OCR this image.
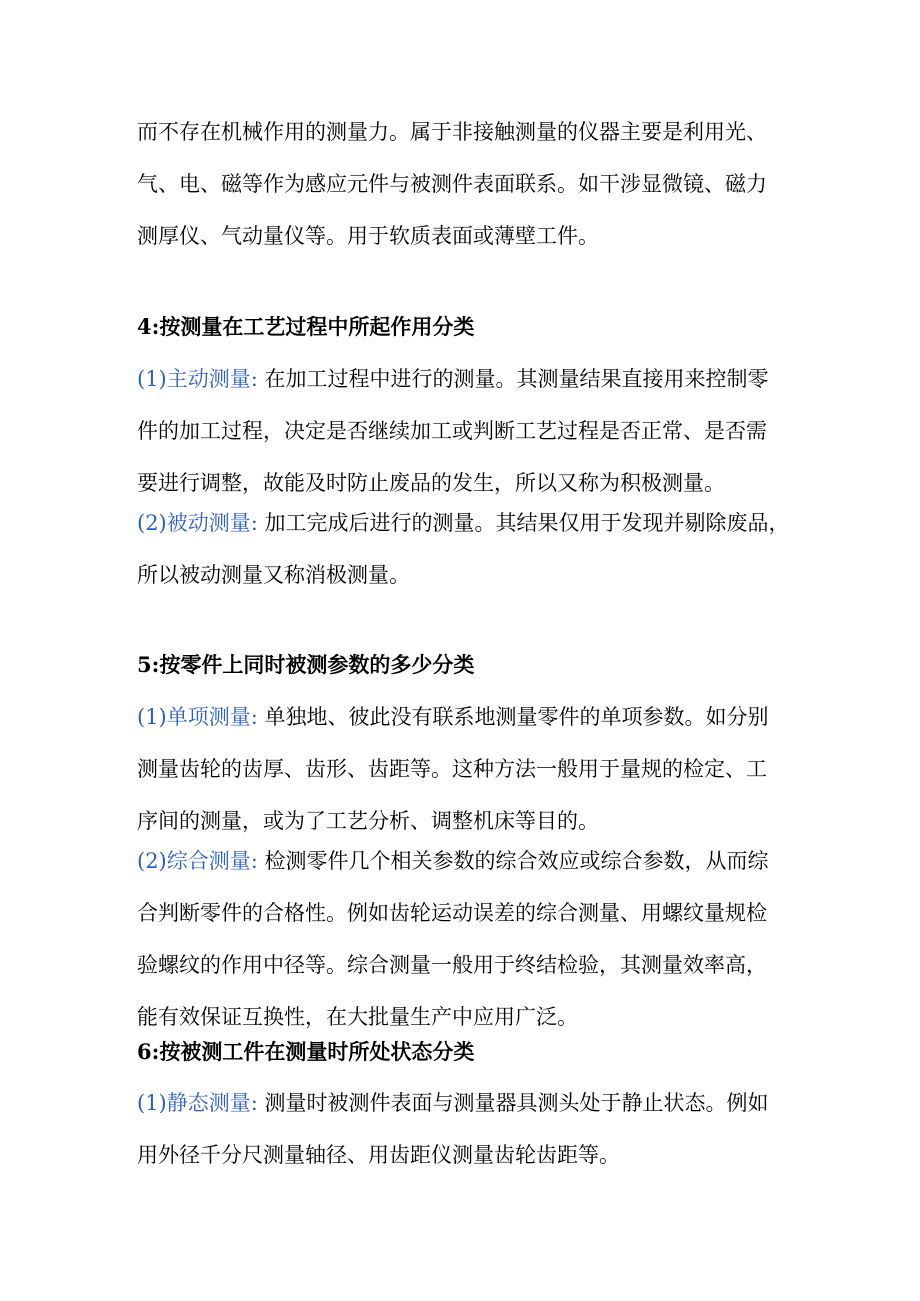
而不存在机械作用的测量力。属于非接触测量的仪器主要是利用光、
气、电、磁等作为感应元件与被测件表面联系。如干涉显微镜、磁力
测厚仪、气动量仪等。用于软质表面或薄壁工件。
4:按测量在工艺过程中所起作用分类
(1)主动测量: 在加工过程中进行的测量。其测量结果直接用来控制零
件的加工过程，决定是否继续加工或判断工艺过程是否正常、是否需
要进行调整，故能及时防止废品的发生，所以又称为积极测量。
(2)被动测量: 加工完成后进行的测量。其结果仅用于发现并剔除废品，
所以被动测量又称消极测量。
5:按零件上同时被测参数的多少分类
(1)单项测量: 单独地、彼此没有联系地测量零件的单项参数。如分别
测量齿轮的齿厚、齿形、齿距等。这种方法一般用于量规的检定、工
序间的测量，或为了工艺分析、调整机床等目的。
(2)综合测量: 检测零件几个相关参数的综合效应或综合参数，从而综
合判断零件的合格性。例如齿轮运动误差的综合测量、用螺纹量规检
验螺纹的作用中径等。综合测量一般用于终结检验，其测量效率高，
能有效保证互换性，在大批量生产中应用广泛。
6:按被测工件在测量时所处状态分类
(1)静态测量: 测量时被测件表面与测量器具测头处于静止状态。例如
用外径千分尺测量轴径、用齿距仪测量齿轮齿距等。
